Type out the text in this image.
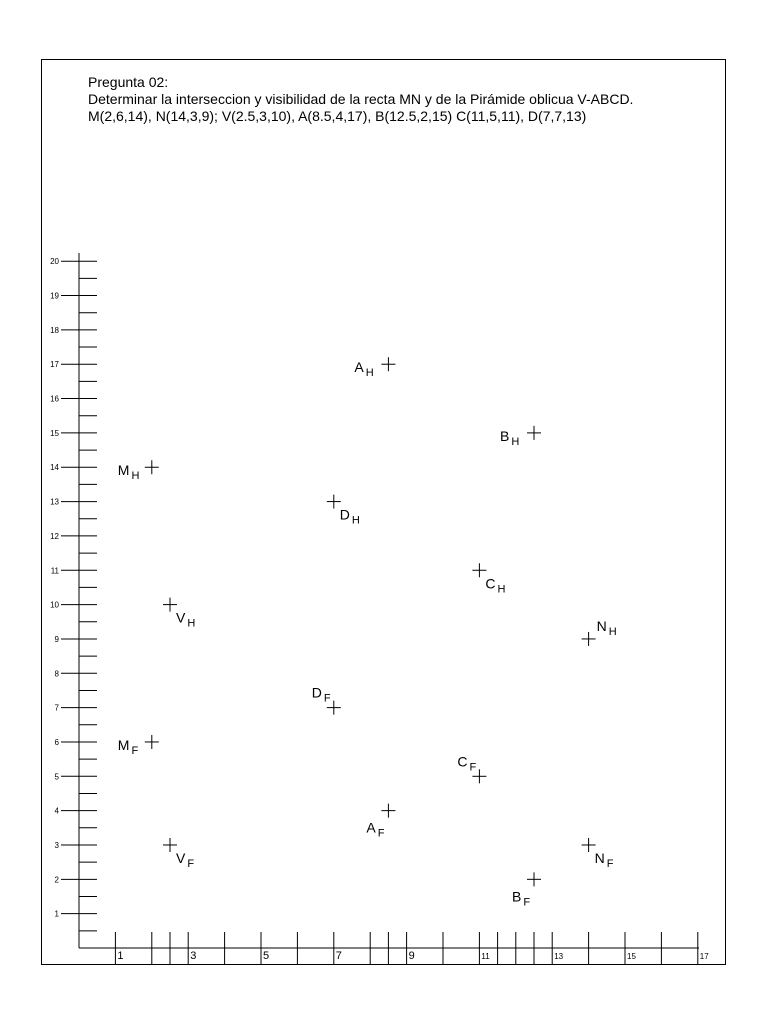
Pregunta 02:
Determinar la interseccion y visibilidad de la recta MN y de la Pirámide oblicua V-ABCD.
M(2,6,14), N(14,3,9); V(2.5,3,10), A(8.5,4,17), B(12.5,2,15) C(11,5,11), D(7,7,13)
1
2
3
4
5
6
7
8
9
10
11
12
13
14
15
16
17
18
19
20
1	3	5	7	9	11	13	15	17
M $_H$
N $_H$
V $_H$
A $_H$
B $_H$
C $_H$
D $_H$
M $_F$
N $_F$
V $_F$
A $_F$
B $_F$
C $_F$
D $_F$
